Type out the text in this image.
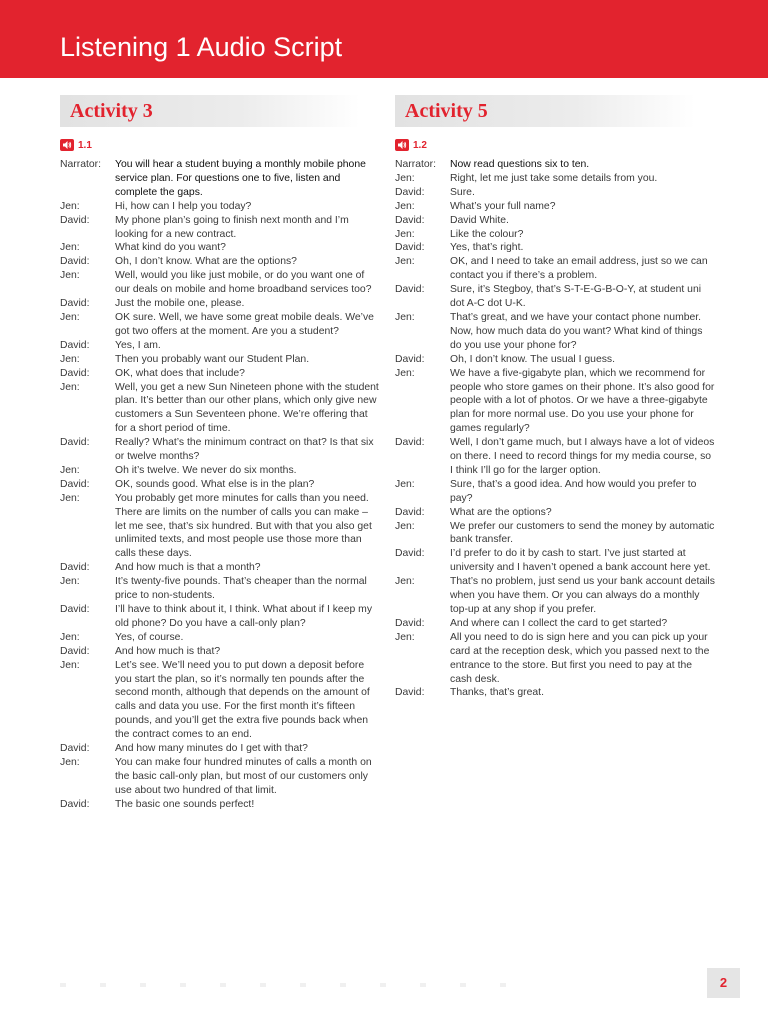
Listening 1 Audio Script
Activity 3
1.1
Narrator:	You will hear a student buying a monthly mobile phone service plan. For questions one to five, listen and complete the gaps.
Jen:	Hi, how can I help you today?
David:	My phone plan’s going to finish next month and I’m looking for a new contract.
Jen:	What kind do you want?
David:	Oh, I don’t know. What are the options?
Jen:	Well, would you like just mobile, or do you want one of our deals on mobile and home broadband services too?
David:	Just the mobile one, please.
Jen:	OK sure. Well, we have some great mobile deals. We’ve got two offers at the moment. Are you a student?
David:	Yes, I am.
Jen:	Then you probably want our Student Plan.
David:	OK, what does that include?
Jen:	Well, you get a new Sun Nineteen phone with the student plan. It’s better than our other plans, which only give new customers a Sun Seventeen phone. We’re offering that for a short period of time.
David:	Really? What’s the minimum contract on that? Is that six or twelve months?
Jen:	Oh it’s twelve. We never do six months.
David:	OK, sounds good. What else is in the plan?
Jen:	You probably get more minutes for calls than you need. There are limits on the number of calls you can make – let me see, that’s six hundred. But with that you also get unlimited texts, and most people use those more than calls these days.
David:	And how much is that a month?
Jen:	It’s twenty-five pounds. That’s cheaper than the normal price to non-students.
David:	I’ll have to think about it, I think. What about if I keep my old phone? Do you have a call-only plan?
Jen:	Yes, of course.
David:	And how much is that?
Jen:	Let’s see. We’ll need you to put down a deposit before you start the plan, so it’s normally ten pounds after the second month, although that depends on the amount of calls and data you use. For the first month it’s fifteen pounds, and you’ll get the extra five pounds back when the contract comes to an end.
David:	And how many minutes do I get with that?
Jen:	You can make four hundred minutes of calls a month on the basic call-only plan, but most of our customers only use about two hundred of that limit.
David:	The basic one sounds perfect!
Activity 5
1.2
Narrator:	Now read questions six to ten.
Jen:	Right, let me just take some details from you.
David:	Sure.
Jen:	What’s your full name?
David:	David White.
Jen:	Like the colour?
David:	Yes, that’s right.
Jen:	OK, and I need to take an email address, just so we can contact you if there’s a problem.
David:	Sure, it’s Stegboy, that’s S-T-E-G-B-O-Y, at student uni dot A-C dot U-K.
Jen:	That’s great, and we have your contact phone number. Now, how much data do you want? What kind of things do you use your phone for?
David:	Oh, I don’t know. The usual I guess.
Jen:	We have a five-gigabyte plan, which we recommend for people who store games on their phone. It’s also good for people with a lot of photos. Or we have a three-gigabyte plan for more normal use. Do you use your phone for games regularly?
David:	Well, I don’t game much, but I always have a lot of videos on there. I need to record things for my media course, so I think I’ll go for the larger option.
Jen:	Sure, that’s a good idea. And how would you prefer to pay?
David:	What are the options?
Jen:	We prefer our customers to send the money by automatic bank transfer.
David:	I’d prefer to do it by cash to start. I’ve just started at university and I haven’t opened a bank account here yet.
Jen:	That’s no problem, just send us your bank account details when you have them. Or you can always do a monthly top-up at any shop if you prefer.
David:	And where can I collect the card to get started?
Jen:	All you need to do is sign here and you can pick up your card at the reception desk, which you passed next to the entrance to the store. But first you need to pay at the cash desk.
David:	Thanks, that’s great.
2
